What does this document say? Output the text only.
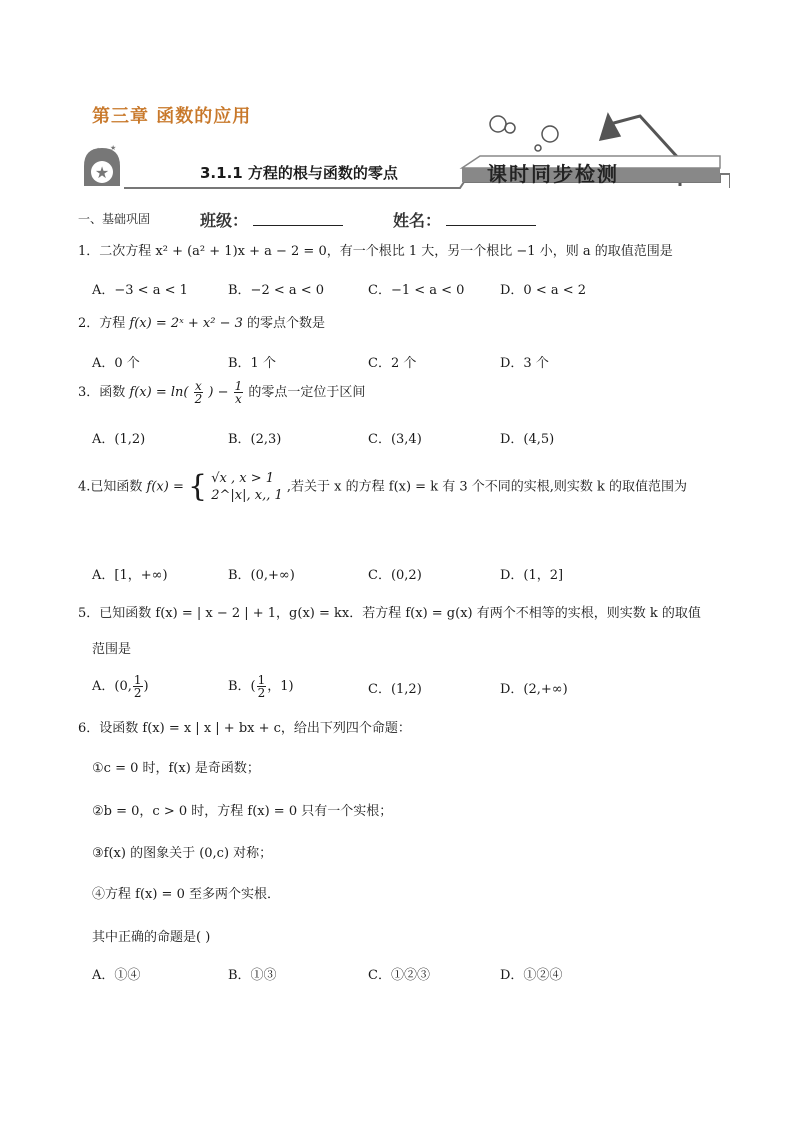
第三章 函数的应用
★
★ ★
3.1.1 方程的根与函数的零点	课时同步检测
一、基础巩固	班级：	姓名：
1．二次方程 x² + (a² + 1)x + a − 2 = 0，有一个根比 1 大，另一个根比 −1 小，则 a 的取值范围是
A．−3 < a < 1	B．−2 < a < 0	C．−1 < a < 0	D．0 < a < 2
2．方程 f(x) = 2ˣ + x² − 3 的零点个数是
A．0 个	B．1 个	C．2 个	D．3 个
3．函数 $f(x) = \ln( \frac{x}{2}$ ) − $\frac{1}{x}$ 的零点一定位于区间
A．(1,2)	B．(2,3)	C．(3,4)	D．(4,5)
4.已知函数 f(x) = { √x , x > 1
2^|x|, x,, 1
,若关于 x 的方程 f(x) = k 有 3 个不同的实根,则实数 k 的取值范围为
A．[1，+∞)	B．(0,+∞)	C．(0,2)	D．(1，2]
5．已知函数 f(x) = | x − 2 | + 1，g(x) = kx．若方程 f(x) = g(x) 有两个不相等的实根，则实数 k 的取值
范围是
A．(0, $\frac{1}{2}$ )	B．( $\frac{1}{2}$ ，1)	C．(1,2)	D．(2,+∞)
6．设函数 f(x) = x | x | + bx + c，给出下列四个命题：
①c = 0 时，f(x) 是奇函数；
②b = 0，c > 0 时，方程 f(x) = 0 只有一个实根；
③f(x) 的图象关于 (0,c) 对称；
④方程 f(x) = 0 至多两个实根．
其中正确的命题是( )
A．①④	B．①③	C．①②③	D．①②④
